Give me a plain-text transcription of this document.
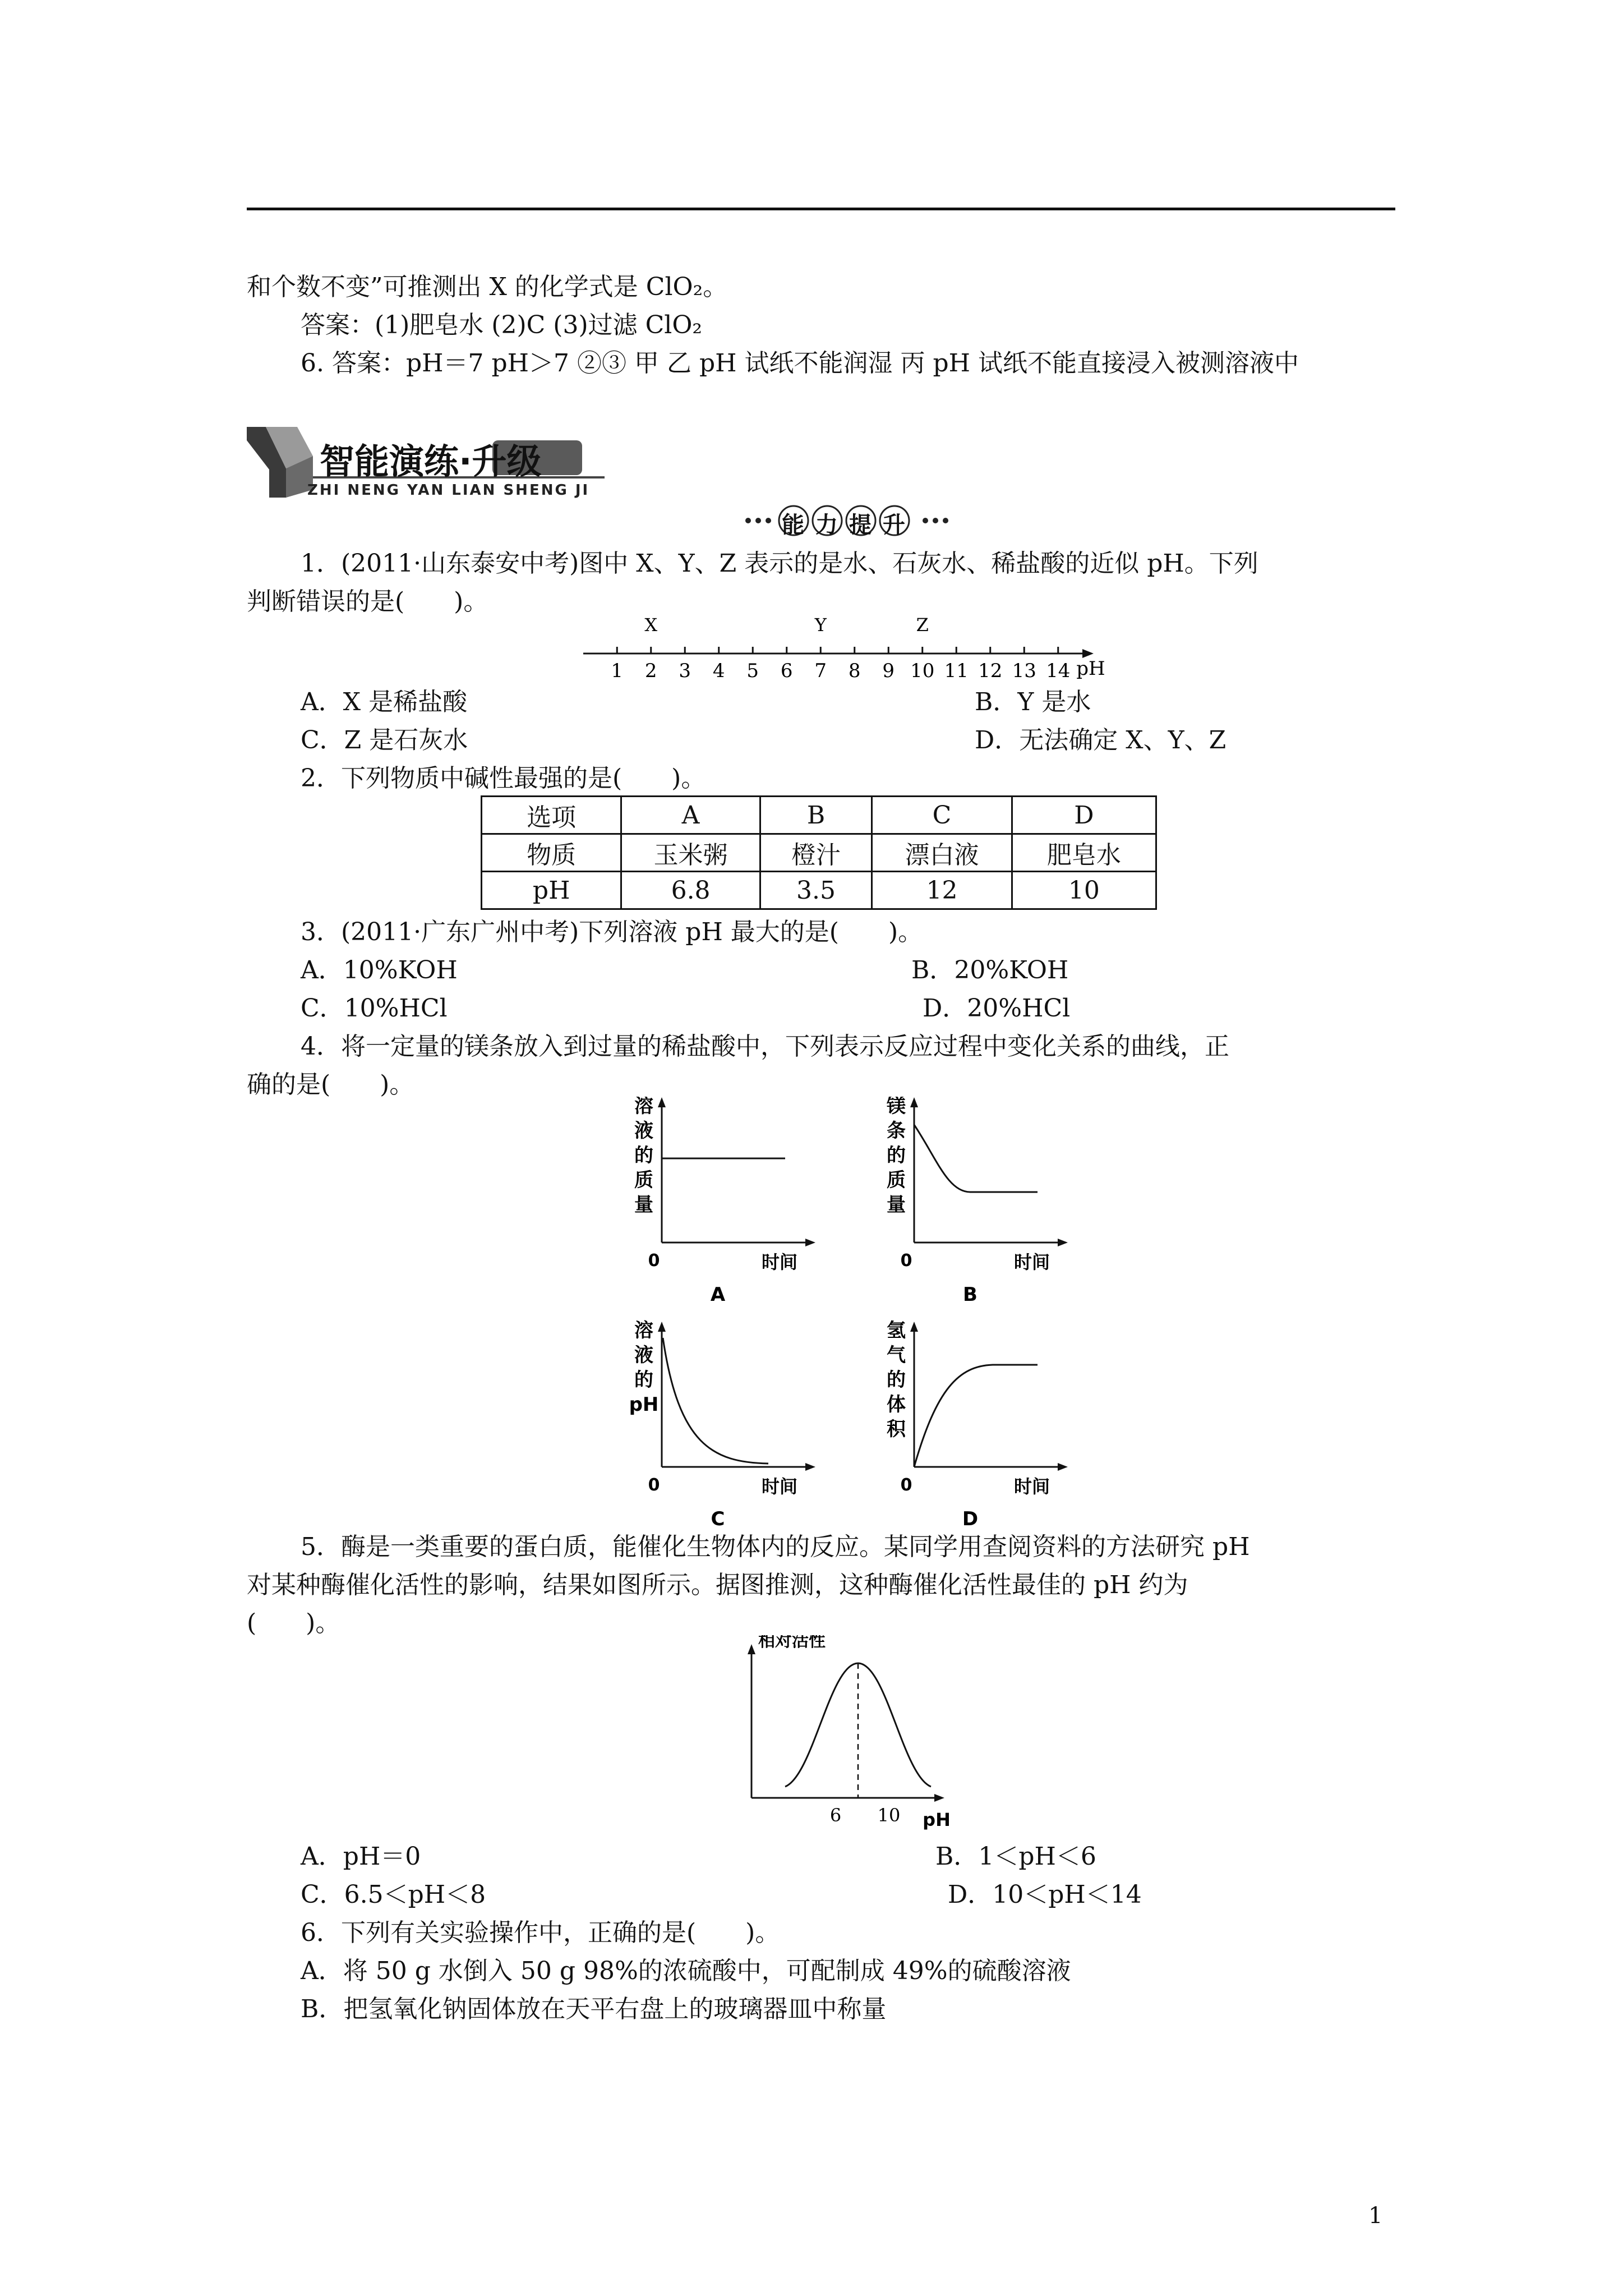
和个数不变”可推测出 X 的化学式是 ClO₂。
答案：(1)肥皂水 (2)C (3)过滤 ClO₂
6. 答案：pH＝7 pH＞7 ②③ 甲 乙 pH 试纸不能润湿 丙 pH 试纸不能直接浸入被测溶液中
智能演练·升级
ZHI NENG YAN LIAN SHENG JI
能力提升
1．(2011·山东泰安中考)图中 X、Y、Z 表示的是水、石灰水、稀盐酸的近似 pH。下列
判断错误的是(　　)。
1 2 3 4 5 6 7 8 9 10 11 12 13 14 pH
X	Y	Z
A．X 是稀盐酸	B．Y 是水
C．Z 是石灰水	D．无法确定 X、Y、Z
2．下列物质中碱性最强的是(　　)。
选项	A	B	C	D
物质	玉米粥	橙汁	漂白液	肥皂水
pH	6.8	3.5	12	10
3．(2011·广东广州中考)下列溶液 pH 最大的是(　　)。
A．10%KOH	B．20%KOH
C．10%HCl	D．20%HCl
4．将一定量的镁条放入到过量的稀盐酸中，下列表示反应过程中变化关系的曲线，正
确的是(　　)。
溶
液
的
质
量
0	时间
A
镁
条
的
质
量
0	时间
B
溶
液
的
pH
0	时间
C
氢
气
的
体
积
0	时间
D
5．酶是一类重要的蛋白质，能催化生物体内的反应。某同学用查阅资料的方法研究 pH
对某种酶催化活性的影响，结果如图所示。据图推测，这种酶催化活性最佳的 pH 约为
(　　)。
相对活性
6 10 pH
A．pH＝0	B．1＜pH＜6
C．6.5＜pH＜8	D．10＜pH＜14
6．下列有关实验操作中，正确的是(　　)。
A．将 50 g 水倒入 50 g 98%的浓硫酸中，可配制成 49%的硫酸溶液
B．把氢氧化钠固体放在天平右盘上的玻璃器皿中称量
1
